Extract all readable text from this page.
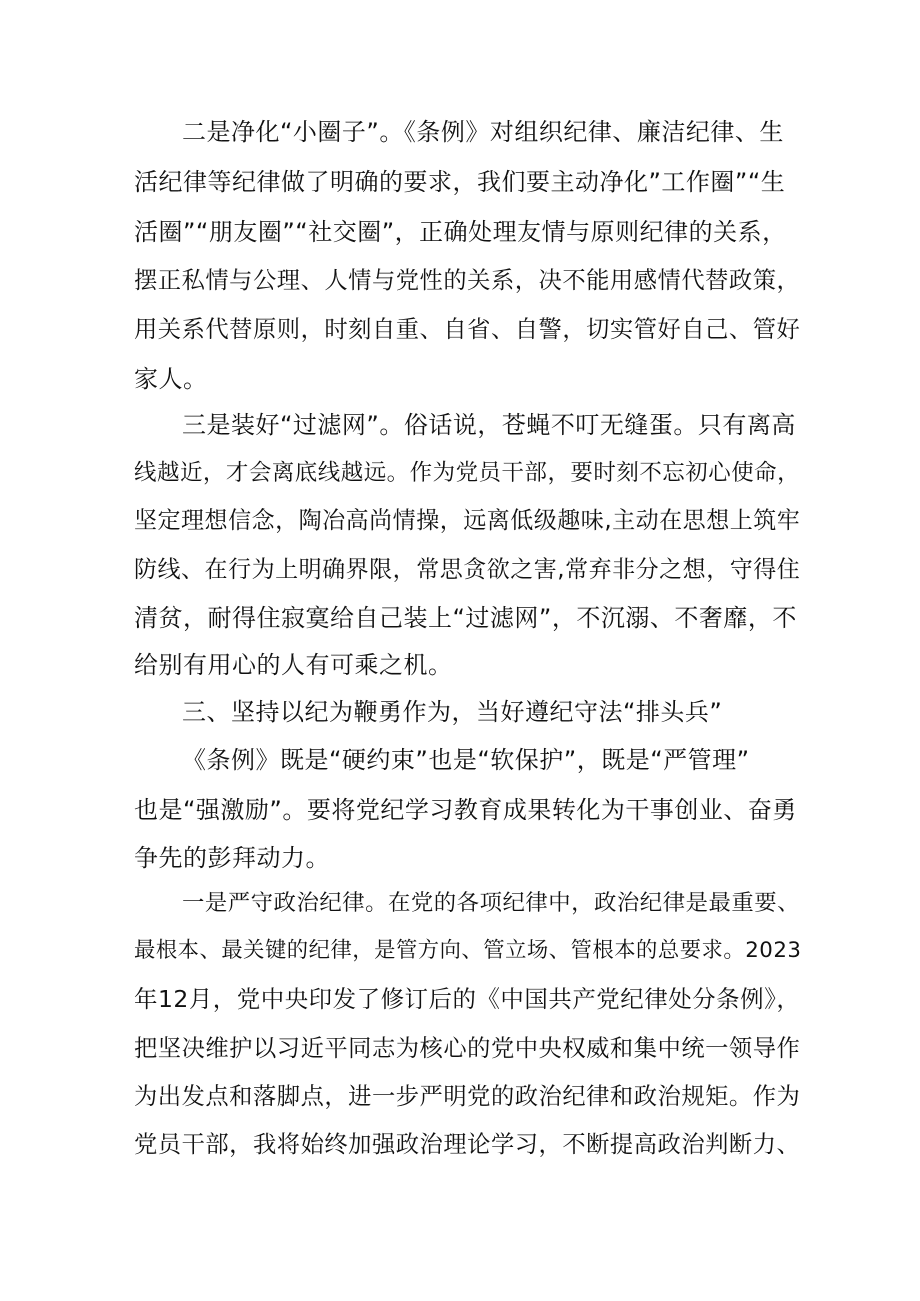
二是净化“小圈子”。《条例》对组织纪律、廉洁纪律、生
活纪律等纪律做了明确的要求，我们要主动净化”工作圈”“生
活圈”“朋友圈”“社交圈”，正确处理友情与原则纪律的关系，
摆正私情与公理、人情与党性的关系，决不能用感情代替政策，
用关系代替原则，时刻自重、自省、自警，切实管好自己、管好
家人。
三是装好“过滤网”。俗话说，苍蝇不叮无缝蛋。只有离高
线越近，才会离底线越远。作为党员干部，要时刻不忘初心使命，
坚定理想信念，陶冶高尚情操，远离低级趣味,主动在思想上筑牢
防线、在行为上明确界限，常思贪欲之害,常弃非分之想，守得住
清贫，耐得住寂寞给自己装上“过滤网”，不沉溺、不奢靡，不
给别有用心的人有可乘之机。
三、坚持以纪为鞭勇作为，当好遵纪守法“排头兵”
《条例》既是“硬约束”也是“软保护”，既是“严管理”
也是“强激励”。要将党纪学习教育成果转化为干事创业、奋勇
争先的彭拜动力。
一是严守政治纪律。在党的各项纪律中，政治纪律是最重要、
最根本、最关键的纪律，是管方向、管立场、管根本的总要求。2023
年12月，党中央印发了修订后的《中国共产党纪律处分条例》，
把坚决维护以习近平同志为核心的党中央权威和集中统一领导作
为出发点和落脚点，进一步严明党的政治纪律和政治规矩。作为
党员干部，我将始终加强政治理论学习，不断提高政治判断力、
